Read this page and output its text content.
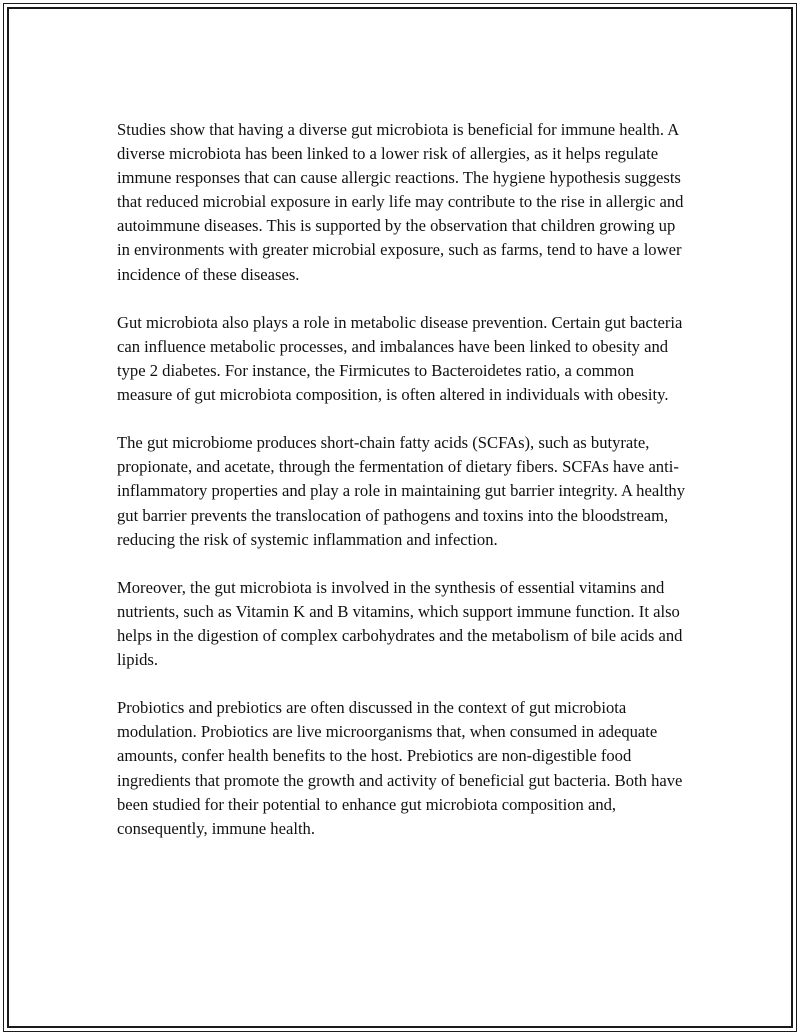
Studies show that having a diverse gut microbiota is beneficial for immune health. A diverse microbiota has been linked to a lower risk of allergies, as it helps regulate immune responses that can cause allergic reactions. The hygiene hypothesis suggests that reduced microbial exposure in early life may contribute to the rise in allergic and autoimmune diseases. This is supported by the observation that children growing up in environments with greater microbial exposure, such as farms, tend to have a lower incidence of these diseases.

Gut microbiota also plays a role in metabolic disease prevention. Certain gut bacteria can influence metabolic processes, and imbalances have been linked to obesity and type 2 diabetes. For instance, the Firmicutes to Bacteroidetes ratio, a common measure of gut microbiota composition, is often altered in individuals with obesity.

The gut microbiome produces short-chain fatty acids (SCFAs), such as butyrate, propionate, and acetate, through the fermentation of dietary fibers. SCFAs have anti-inflammatory properties and play a role in maintaining gut barrier integrity. A healthy gut barrier prevents the translocation of pathogens and toxins into the bloodstream, reducing the risk of systemic inflammation and infection.

Moreover, the gut microbiota is involved in the synthesis of essential vitamins and nutrients, such as Vitamin K and B vitamins, which support immune function. It also helps in the digestion of complex carbohydrates and the metabolism of bile acids and lipids.

Probiotics and prebiotics are often discussed in the context of gut microbiota modulation. Probiotics are live microorganisms that, when consumed in adequate amounts, confer health benefits to the host. Prebiotics are non-digestible food ingredients that promote the growth and activity of beneficial gut bacteria. Both have been studied for their potential to enhance gut microbiota composition and, consequently, immune health.
